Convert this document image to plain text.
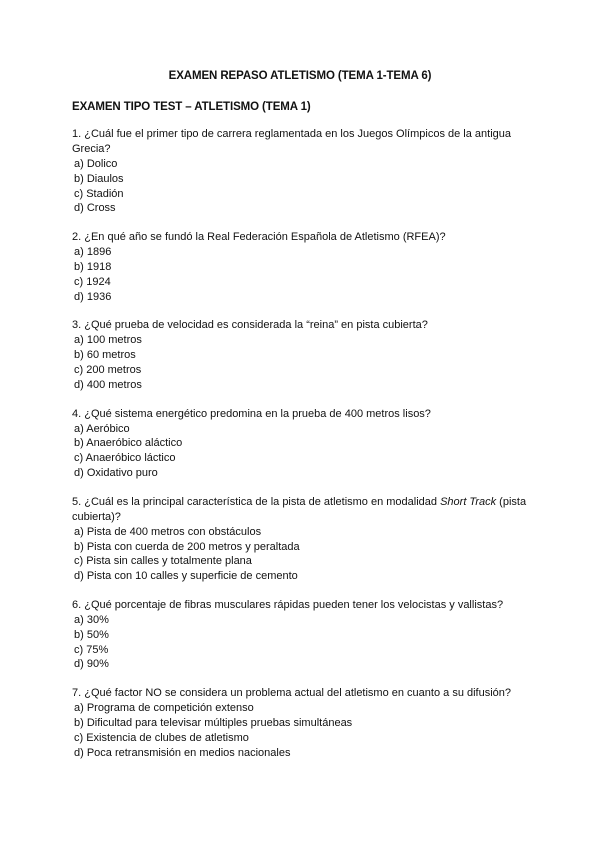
EXAMEN REPASO ATLETISMO (TEMA 1-TEMA 6)
EXAMEN TIPO TEST – ATLETISMO (TEMA 1)
1. ¿Cuál fue el primer tipo de carrera reglamentada en los Juegos Olímpicos de la antigua Grecia?
a) Dolico
b) Diaulos
c) Stadión
d) Cross
2. ¿En qué año se fundó la Real Federación Española de Atletismo (RFEA)?
a) 1896
b) 1918
c) 1924
d) 1936
3. ¿Qué prueba de velocidad es considerada la “reina” en pista cubierta?
a) 100 metros
b) 60 metros
c) 200 metros
d) 400 metros
4. ¿Qué sistema energético predomina en la prueba de 400 metros lisos?
a) Aeróbico
b) Anaeróbico aláctico
c) Anaeróbico láctico
d) Oxidativo puro
5. ¿Cuál es la principal característica de la pista de atletismo en modalidad Short Track (pista cubierta)?
a) Pista de 400 metros con obstáculos
b) Pista con cuerda de 200 metros y peraltada
c) Pista sin calles y totalmente plana
d) Pista con 10 calles y superficie de cemento
6. ¿Qué porcentaje de fibras musculares rápidas pueden tener los velocistas y vallistas?
a) 30%
b) 50%
c) 75%
d) 90%
7. ¿Qué factor NO se considera un problema actual del atletismo en cuanto a su difusión?
a) Programa de competición extenso
b) Dificultad para televisar múltiples pruebas simultáneas
c) Existencia de clubes de atletismo
d) Poca retransmisión en medios nacionales
